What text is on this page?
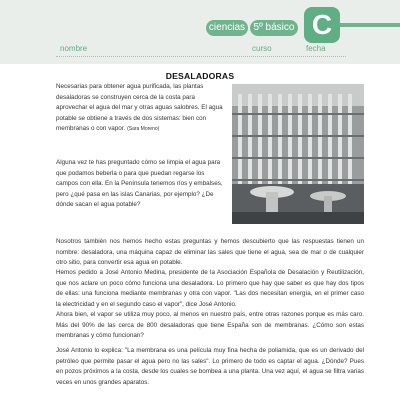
ciencias 5º básico C
nombre	curso	fecha
DESALADORAS
Necesarias para obtener agua purificada, las plantas desaladoras se construyen cerca de la costa para aprovechar el agua del mar y otras aguas salobres. El agua potable se obtiene a través de dos sistemas: bien con membranas o con vapor. (Sara Moreno)
Alguna vez te has preguntado cómo se limpia el agua para que podamos beberla o para que puedan regarse los campos con ella. En la Península tenemos ríos y embalses, pero ¿qué pasa en las islas Canarias, por ejemplo? ¿De dónde sacan el agua potable?
Nosotros también nos hemos hecho estas preguntas y hemos descubierto que las respuestas tienen un nombre: desaladora, una máquina capaz de eliminar las sales que tiene el agua, sea de mar o de cualquier otro sitio, para convertir esa agua en potable.
Hemos pedido a José Antonio Medina, presidente de la Asociación Española de Desalación y Reutilización, que nos aclare un poco cómo funciona una desaladora. Lo primero que hay que saber es que hay dos tipos de ellas: una funciona mediante membranas y otra con vapor. "Las dos necesitan energía, en el primer caso la electricidad y en el segundo caso el vapor", dice José Antonio.
Ahora bien, el vapor se utiliza muy poco, al menos en nuestro país, entre otras razones porque es más caro. Más del 90% de las cerca de 800 desaladoras que tiene España son de membranas. ¿Cómo son estas membranas y cómo funcionan?
José Antonio lo explica: "La membrana es una película muy fina hecha de poliamida, que es un derivado del petróleo que permite pasar el agua pero no las sales". Lo primero de todo es captar el agua. ¿Dónde? Pues en pozos próximos a la costa, desde los cuales se bombea a una planta. Una vez aquí, el agua se filtra varias veces en unos grandes aparatos.
